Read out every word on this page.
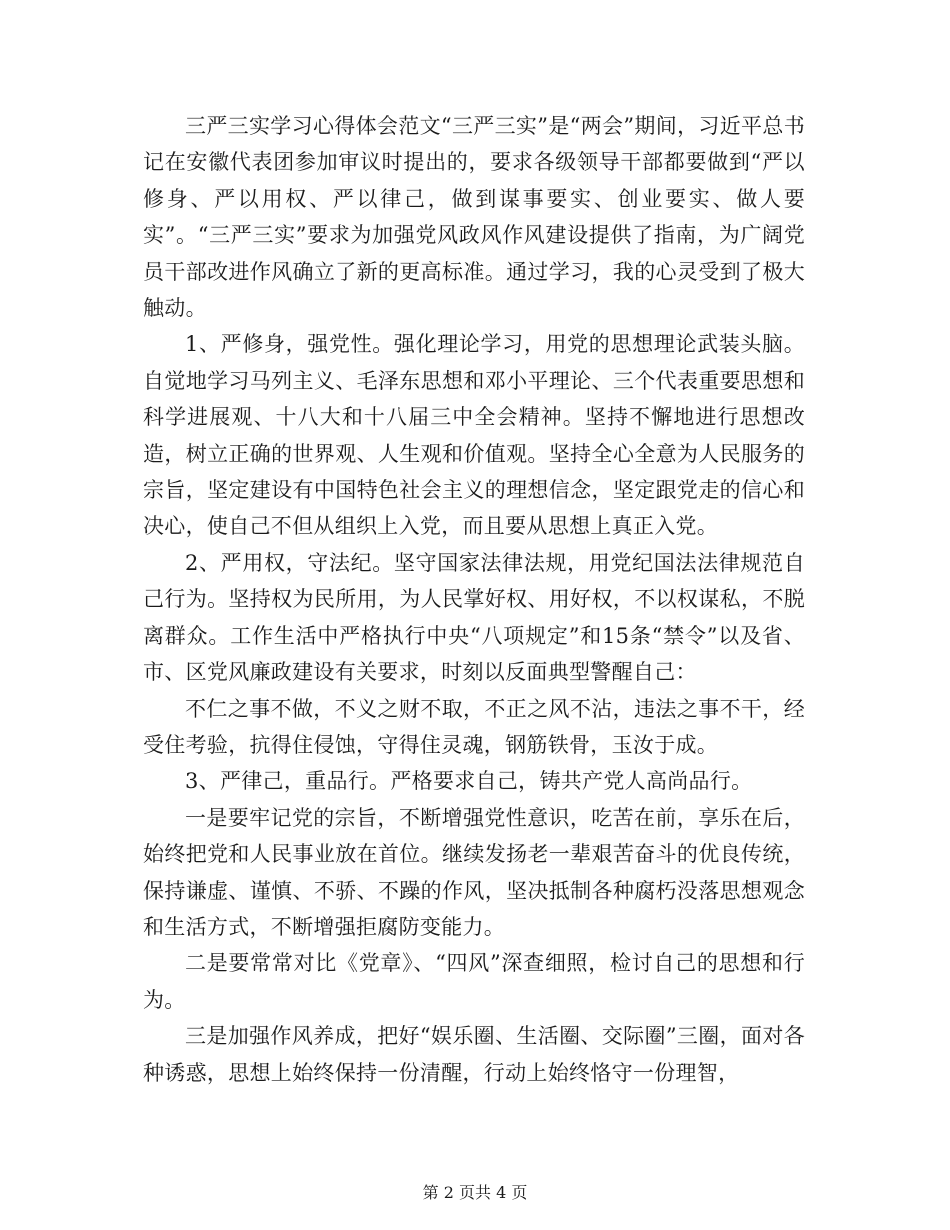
三严三实学习心得体会范文“三严三实”是“两会”期间，习近平总书记在安徽代表团参加审议时提出的，要求各级领导干部都要做到“严以修身、严以用权、严以律己，做到谋事要实、创业要实、做人要实”。“三严三实”要求为加强党风政风作风建设提供了指南，为广阔党员干部改进作风确立了新的更高标准。通过学习，我的心灵受到了极大触动。

1、严修身，强党性。强化理论学习，用党的思想理论武装头脑。自觉地学习马列主义、毛泽东思想和邓小平理论、三个代表重要思想和科学进展观、十八大和十八届三中全会精神。坚持不懈地进行思想改造，树立正确的世界观、人生观和价值观。坚持全心全意为人民服务的宗旨，坚定建设有中国特色社会主义的理想信念，坚定跟党走的信心和决心，使自己不但从组织上入党，而且要从思想上真正入党。

2、严用权，守法纪。坚守国家法律法规，用党纪国法法律规范自己行为。坚持权为民所用，为人民掌好权、用好权，不以权谋私，不脱离群众。工作生活中严格执行中央“八项规定”和15条“禁令”以及省、市、区党风廉政建设有关要求，时刻以反面典型警醒自己：

不仁之事不做，不义之财不取，不正之风不沾，违法之事不干，经受住考验，抗得住侵蚀，守得住灵魂，钢筋铁骨，玉汝于成。

3、严律己，重品行。严格要求自己，铸共产党人高尚品行。

一是要牢记党的宗旨，不断增强党性意识，吃苦在前，享乐在后，始终把党和人民事业放在首位。继续发扬老一辈艰苦奋斗的优良传统，保持谦虚、谨慎、不骄、不躁的作风，坚决抵制各种腐朽没落思想观念和生活方式，不断增强拒腐防变能力。

二是要常常对比《党章》、“四风”深查细照，检讨自己的思想和行为。

三是加强作风养成，把好“娱乐圈、生活圈、交际圈”三圈，面对各种诱惑，思想上始终保持一份清醒，行动上始终恪守一份理智，

第 2 页共 4 页
